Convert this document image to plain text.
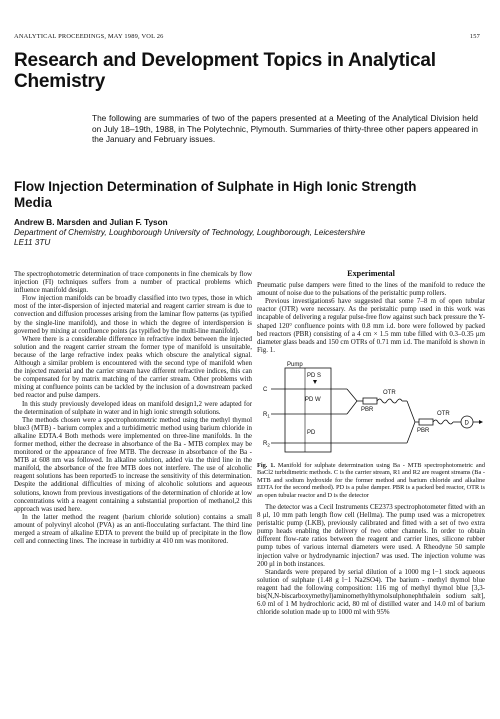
ANALYTICAL PROCEEDINGS, MAY 1989, VOL 26	157
Research and Development Topics in Analytical
Chemistry
The following are summaries of two of the papers presented at a Meeting of the Analytical Division held on July 18–19th, 1988, in The Polytechnic, Plymouth. Summaries of thirty-three other papers appeared in the January and February issues.
Flow Injection Determination of Sulphate in High Ionic Strength
Media
Andrew B. Marsden and Julian F. Tyson
Department of Chemistry, Loughborough University of Technology, Loughborough, Leicestershire
LE11 3TU

The spectrophotometric determination of trace components in fine chemicals by flow injection (FI) techniques suffers from a number of practical problems which influence manifold design.

Flow injection manifolds can be broadly classified into two types, those in which most of the inter-dispersion of injected material and reagent carrier stream is due to convection and diffusion processes arising from the laminar flow patterns (as typified by the single-line manifold), and those in which the degree of interdispersion is governed by mixing at confluence points (as typified by the multi-line manifold).

Where there is a considerable difference in refractive index between the injected solution and the reagent carrier stream the former type of manifold is unsuitable, because of the large refractive index peaks which obscure the analytical signal. Although a similar problem is encountered with the second type of manifold when the injected material and the carrier stream have different refractive indices, this can be compensated for by matrix matching of the carrier stream. Other problems with mixing at confluence points can be tackled by the inclusion of a downstream packed bed reactor and pulse dampers.

In this study previously developed ideas on manifold design1,2 were adapted for the determination of sulphate in water and in high ionic strength solutions.

The methods chosen were a spectrophotometric method using the methyl thymol blue3 (MTB) - barium complex and a turbidimetric method using barium chloride in alkaline EDTA.4 Both methods were implemented on three-line manifolds. In the former method, either the decrease in absorbance of the Ba - MTB complex may be monitored or the appearance of free MTB. The decrease in absorbance of the Ba - MTB at 608 nm was followed. In alkaline solution, added via the third line in the manifold, the absorbance of the free MTB does not interfere. The use of alcoholic reagent solutions has been reported5 to increase the sensitivity of this determination. Despite the additional difficulties of mixing of alcoholic solutions and aqueous solutions, known from previous investigations of the determination of chloride at low concentrations with a reagent containing a substantial proportion of methanol,2 this approach was used here.

In the latter method the reagent (barium chloride solution) contains a small amount of polyvinyl alcohol (PVA) as an anti-flocculating surfactant. The third line merged a stream of alkaline EDTA to prevent the build up of precipitate in the flow cell and connecting lines. The increase in turbidity at 410 nm was monitored.

Experimental

Pneumatic pulse dampers were fitted to the lines of the manifold to reduce the amount of noise due to the pulsations of the peristaltic pump rollers.

Previous investigations6 have suggested that some 7–8 m of open tubular reactor (OTR) were necessary. As the peristaltic pump used in this work was incapable of delivering a regular pulse-free flow against such back pressure the Y-shaped 120° confluence points with 0.8 mm i.d. bore were followed by packed bed reactors (PBR) consisting of a 4 cm × 1.5 mm tube filled with 0.3–0.35 μm diameter glass beads and 150 cm OTRs of 0.71 mm i.d. The manifold is shown in Fig. 1.

Pump
PD S
PD W
PD
C
$R_1$
$R_2$
PBR
OTR
PBR
OTR
D

Fig. 1. Manifold for sulphate determination using Ba - MTB spectrophotometric and BaCl2 turbidimetric methods. C is the carrier stream, R1 and R2 are reagent streams (Ba - MTB and sodium hydroxide for the former method and barium chloride and alkaline EDTA for the second method). PD is a pulse damper. PBR is a packed bed reactor, OTR is an open tubular reactor and D is the detector

The detector was a Cecil Instruments CE2373 spectrophotometer fitted with an 8 μl, 10 mm path length flow cell (Hellma). The pump used was a micropetrex peristaltic pump (LKB), previously calibrated and fitted with a set of two extra pump heads enabling the delivery of two other channels. In order to obtain different flow-rate ratios between the reagent and carrier lines, silicone rubber pump tubes of various internal diameters were used. A Rheodyne 50 sample injection valve or hydrodynamic injection7 was used. The injection volume was 200 μl in both instances.

Standards were prepared by serial dilution of a 1000 mg l−1 stock aqueous solution of sulphate (1.48 g l−1 Na2SO4). The barium - methyl thymol blue reagent had the following composition: 116 mg of methyl thymol blue [3,3-bis(N,N-biscarboxymethyl)aminomethylthymolsulphonephthalein sodium salt], 6.0 ml of 1 M hydrochloric acid, 80 ml of distilled water and 14.0 ml of barium chloride solution made up to 1000 ml with 95%
